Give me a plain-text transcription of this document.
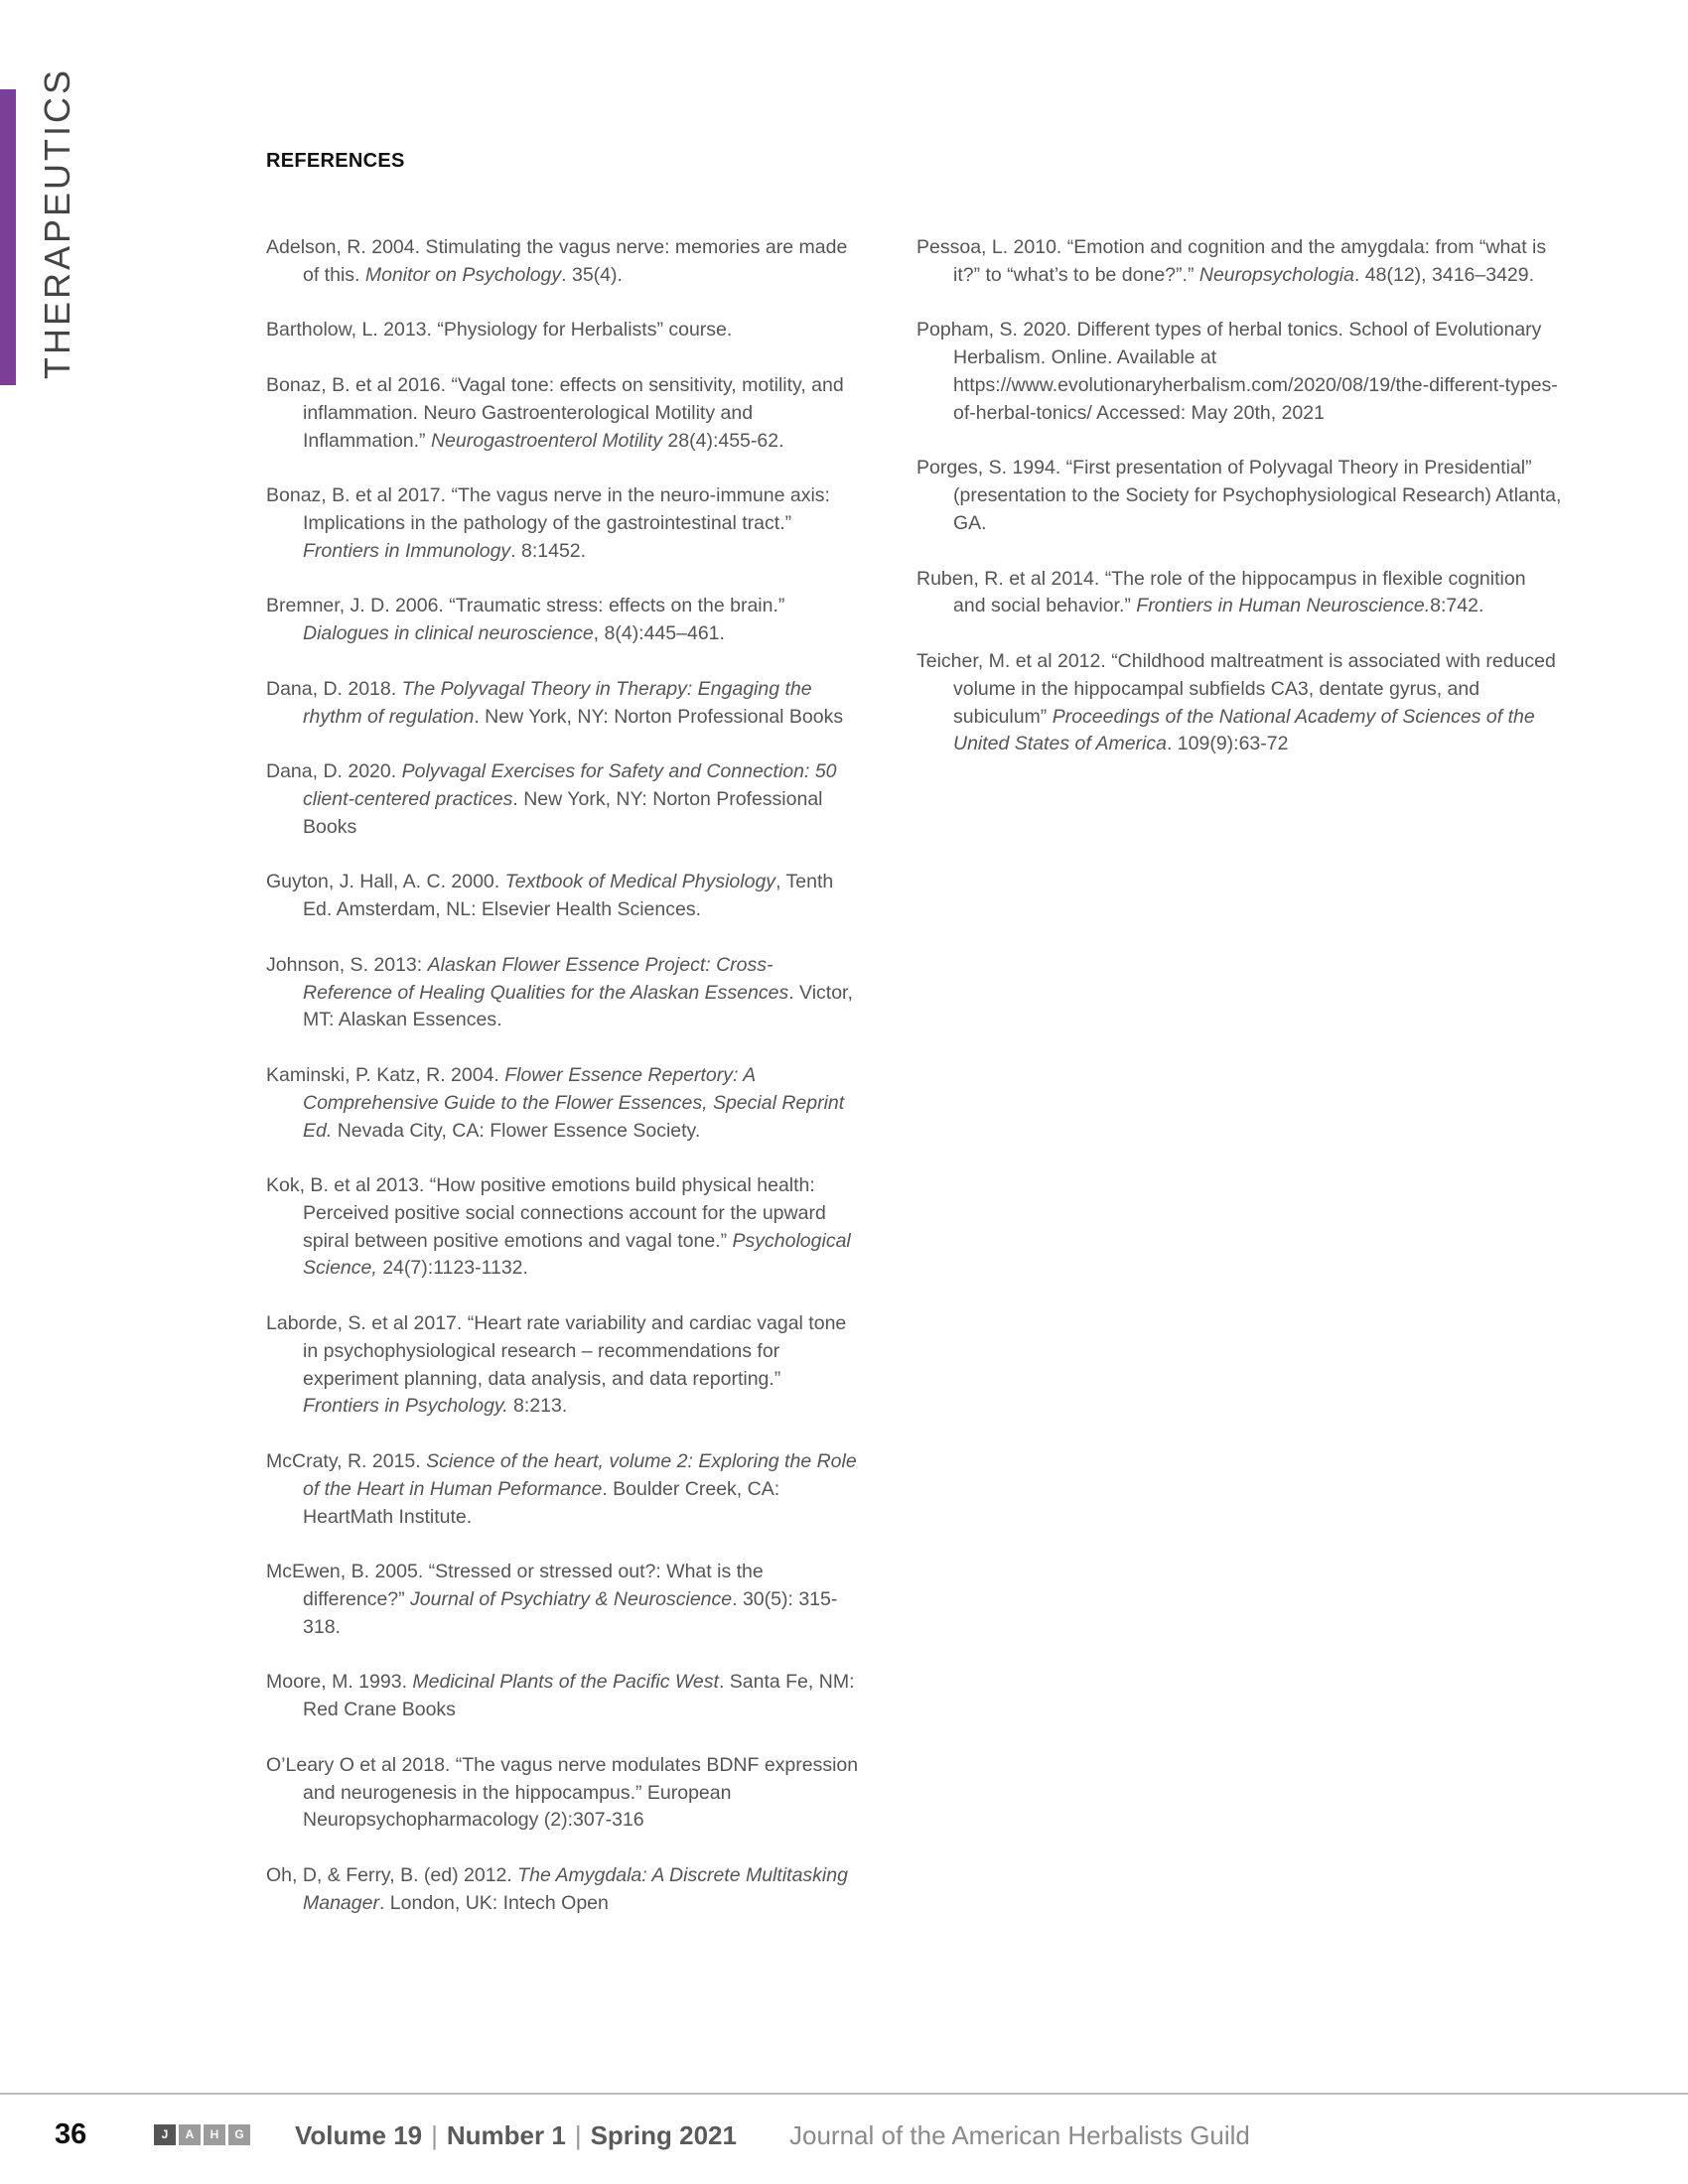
THERAPEUTICS	REFERENCES

Adelson, R. 2004. Stimulating the vagus nerve: memories are made of this. Monitor on Psychology. 35(4).

Bartholow, L. 2013. “Physiology for Herbalists” course.

Bonaz, B. et al 2016. “Vagal tone: effects on sensitivity, motility, and inflammation. Neuro Gastroenterological Motility and Inflammation.” Neurogastroenterol Motility 28(4):455-62.

Bonaz, B. et al 2017. “The vagus nerve in the neuro-immune axis: Implications in the pathology of the gastrointestinal tract.” Frontiers in Immunology. 8:1452.

Bremner, J. D. 2006. “Traumatic stress: effects on the brain.” Dialogues in clinical neuroscience, 8(4):445–461.

Dana, D. 2018. The Polyvagal Theory in Therapy: Engaging the rhythm of regulation. New York, NY: Norton Professional Books

Dana, D. 2020. Polyvagal Exercises for Safety and Connection: 50 client-centered practices. New York, NY: Norton Professional Books

Guyton, J. Hall, A. C. 2000. Textbook of Medical Physiology, Tenth Ed. Amsterdam, NL: Elsevier Health Sciences.

Johnson, S. 2013: Alaskan Flower Essence Project: Cross-Reference of Healing Qualities for the Alaskan Essences. Victor, MT: Alaskan Essences.

Kaminski, P. Katz, R. 2004. Flower Essence Repertory: A Comprehensive Guide to the Flower Essences, Special Reprint Ed. Nevada City, CA: Flower Essence Society.

Kok, B. et al 2013. “How positive emotions build physical health: Perceived positive social connections account for the upward spiral between positive emotions and vagal tone.” Psychological Science, 24(7):1123-1132.

Laborde, S. et al 2017. “Heart rate variability and cardiac vagal tone in psychophysiological research – recommendations for experiment planning, data analysis, and data reporting.” Frontiers in Psychology. 8:213.

McCraty, R. 2015. Science of the heart, volume 2: Exploring the Role of the Heart in Human Peformance. Boulder Creek, CA: HeartMath Institute.

McEwen, B. 2005. “Stressed or stressed out?: What is the difference?” Journal of Psychiatry & Neuroscience. 30(5): 315-318.

Moore, M. 1993. Medicinal Plants of the Pacific West. Santa Fe, NM: Red Crane Books

O’Leary O et al 2018. “The vagus nerve modulates BDNF expression and neurogenesis in the hippocampus.” European Neuropsychopharmacology (2):307-316

Oh, D, & Ferry, B. (ed) 2012. The Amygdala: A Discrete Multitasking Manager. London, UK: Intech Open

Pessoa, L. 2010. “Emotion and cognition and the amygdala: from “what is it?” to “what’s to be done?”.” Neuropsychologia. 48(12), 3416–3429.

Popham, S. 2020. Different types of herbal tonics. School of Evolutionary Herbalism. Online. Available at https://www.evolutionaryherbalism.com/2020/08/19/the-different-types-of-herbal-tonics/ Accessed: May 20th, 2021

Porges, S. 1994. “First presentation of Polyvagal Theory in Presidential” (presentation to the Society for Psychophysiological Research) Atlanta, GA.

Ruben, R. et al 2014. “The role of the hippocampus in flexible cognition and social behavior.” Frontiers in Human Neuroscience.8:742.

Teicher, M. et al 2012. “Childhood maltreatment is associated with reduced volume in the hippocampal subfields CA3, dentate gyrus, and subiculum” Proceedings of the National Academy of Sciences of the United States of America. 109(9):63-72

36	J	A	H	G Volume 19 | Number 1 | Spring 2021 Journal of the American Herbalists Guild
